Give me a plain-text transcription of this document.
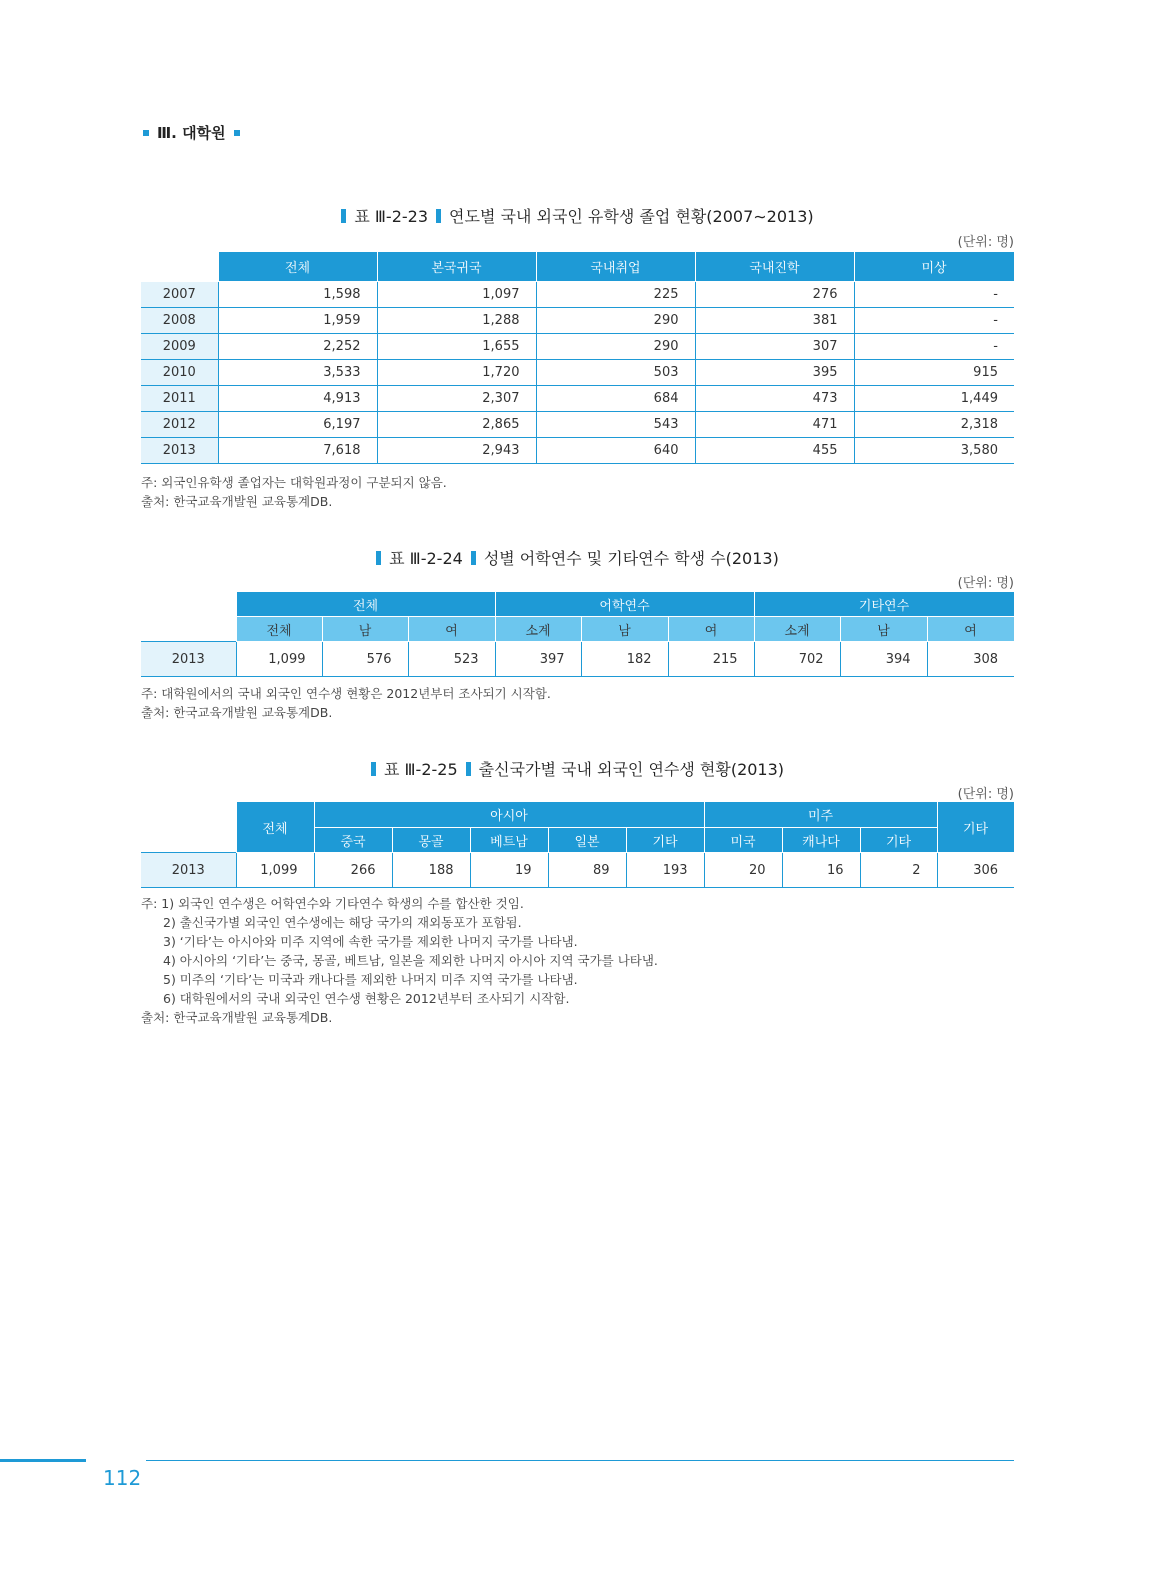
Ⅲ. 대학원
표 Ⅲ-2-23 연도별 국내 외국인 유학생 졸업 현황(2007∼2013)
(단위: 명)
	전체	본국귀국	국내취업	국내진학	미상
2007	1,598	1,097	225	276	-
2008	1,959	1,288	290	381	-
2009	2,252	1,655	290	307	-
2010	3,533	1,720	503	395	915
2011	4,913	2,307	684	473	1,449
2012	6,197	2,865	543	471	2,318
2013	7,618	2,943	640	455	3,580
주: 외국인유학생 졸업자는 대학원과정이 구분되지 않음.
출처: 한국교육개발원 교육통계DB.
표 Ⅲ-2-24 성별 어학연수 및 기타연수 학생 수(2013)
(단위: 명)
	전체			어학연수			기타연수		
	전체	남	여	소계	남	여	소계	남	여
2013	1,099	576	523	397	182	215	702	394	308
주: 대학원에서의 국내 외국인 연수생 현황은 2012년부터 조사되기 시작함.
출처: 한국교육개발원 교육통계DB.
표 Ⅲ-2-25 출신국가별 국내 외국인 연수생 현황(2013)
(단위: 명)
	전체	아시아					미주			기타
		중국	몽골	베트남	일본	기타	미국	캐나다	기타	
2013	1,099	266	188	19	89	193	20	16	2	306
주: 1) 외국인 연수생은 어학연수와 기타연수 학생의 수를 합산한 것임.
2) 출신국가별 외국인 연수생에는 해당 국가의 재외동포가 포함됨.
3) ‘기타’는 아시아와 미주 지역에 속한 국가를 제외한 나머지 국가를 나타냄.
4) 아시아의 ‘기타’는 중국, 몽골, 베트남, 일본을 제외한 나머지 아시아 지역 국가를 나타냄.
5) 미주의 ‘기타’는 미국과 캐나다를 제외한 나머지 미주 지역 국가를 나타냄.
6) 대학원에서의 국내 외국인 연수생 현황은 2012년부터 조사되기 시작함.
출처: 한국교육개발원 교육통계DB.
112
